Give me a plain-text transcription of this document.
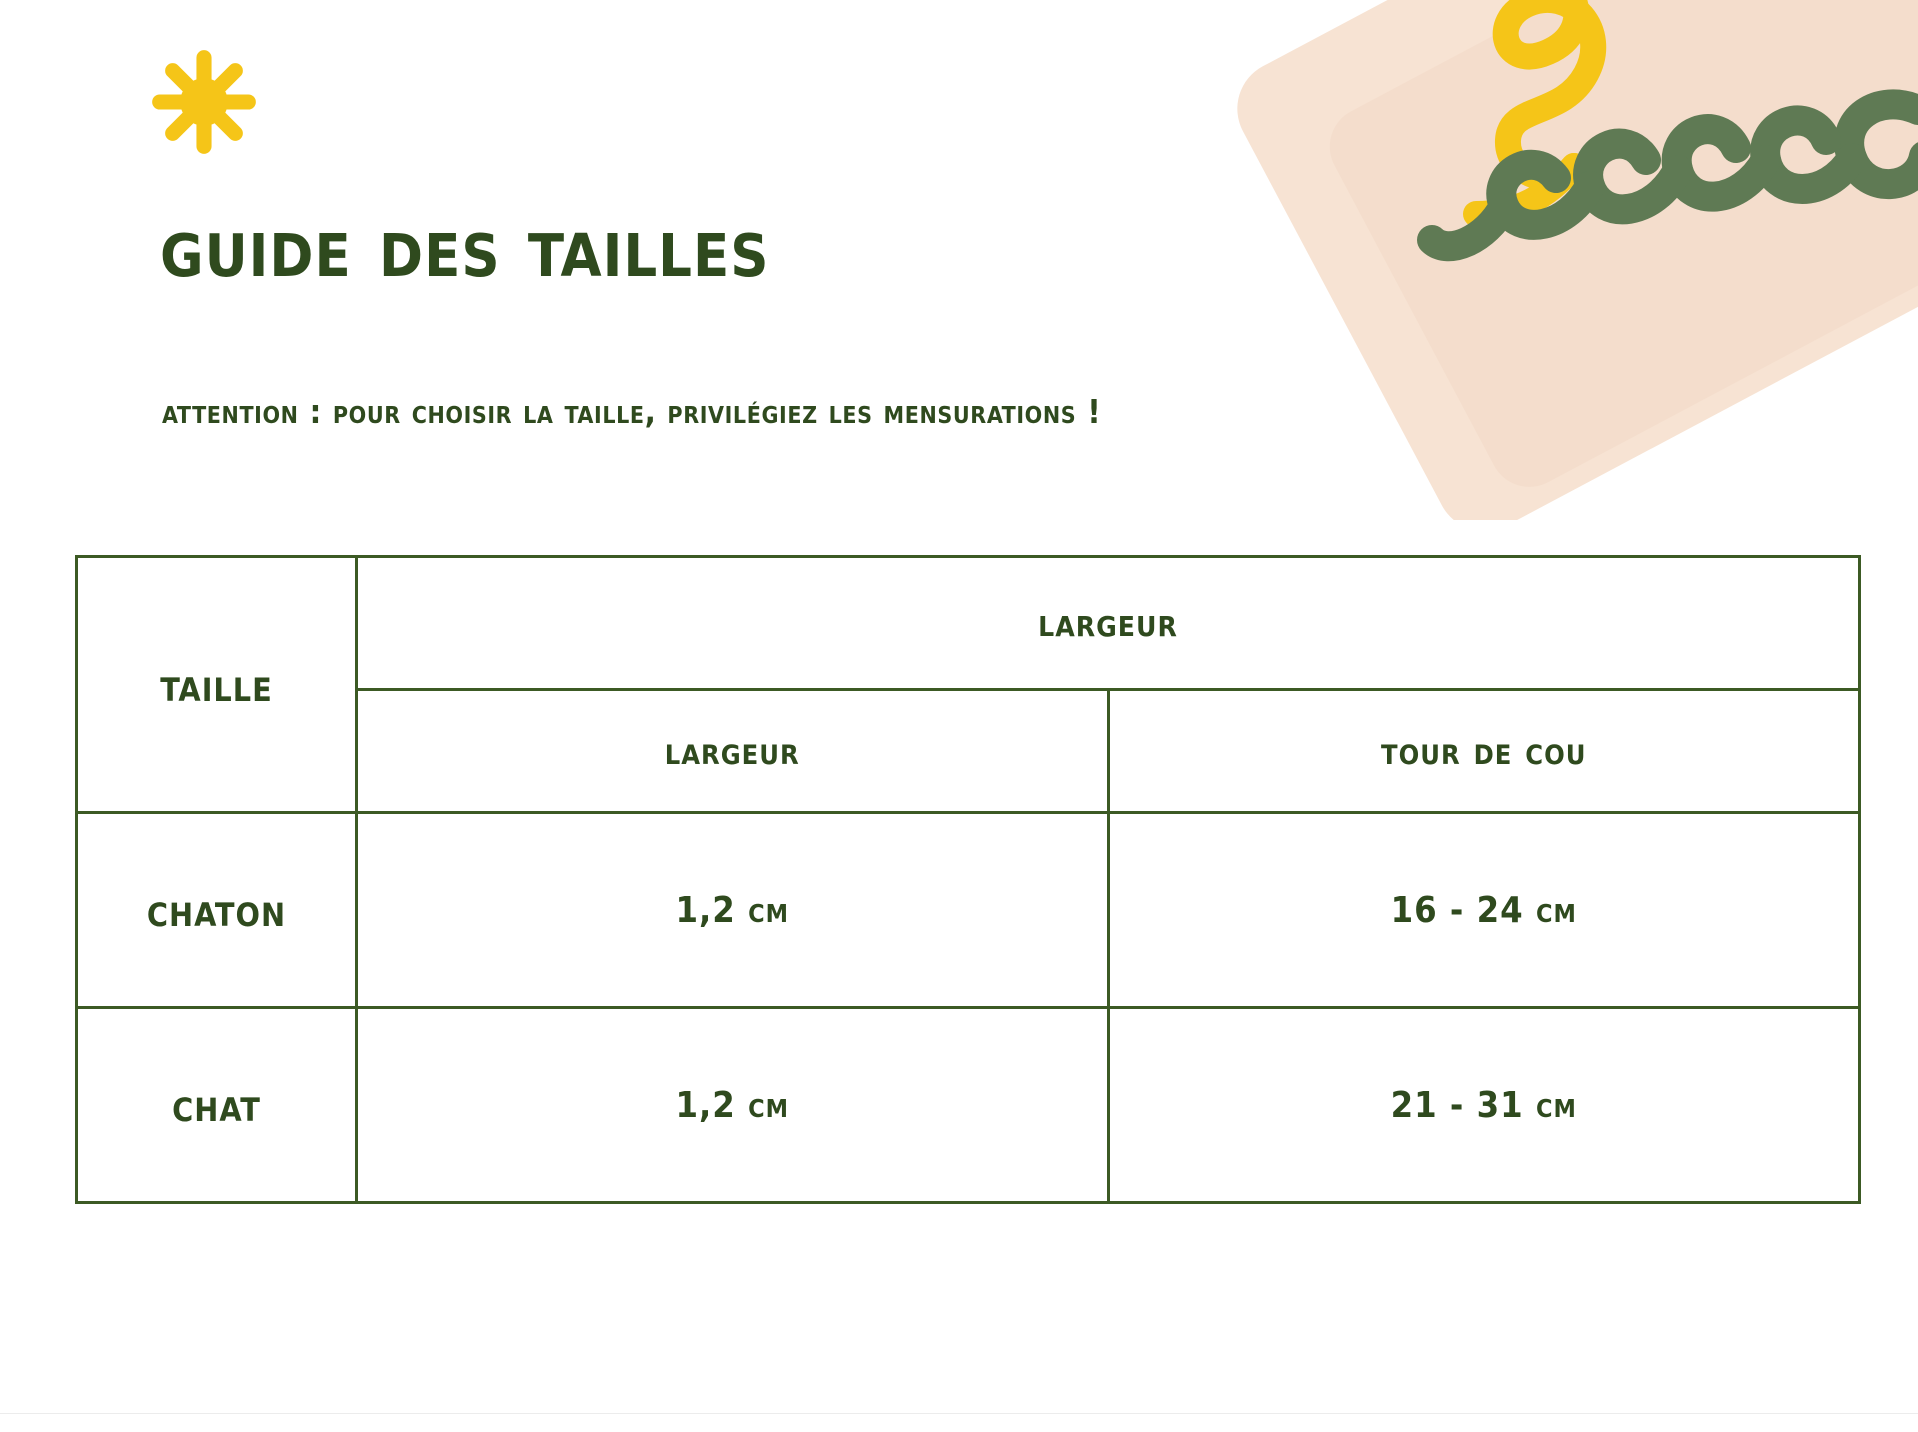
guide des tailles

attention : pour choisir la taille, privilégiez les mensurations !

taille	largeur	
	largeur	tour de cou
chaton	1,2 cm	16 - 24 cm
chat	1,2 cm	21 - 31 cm
